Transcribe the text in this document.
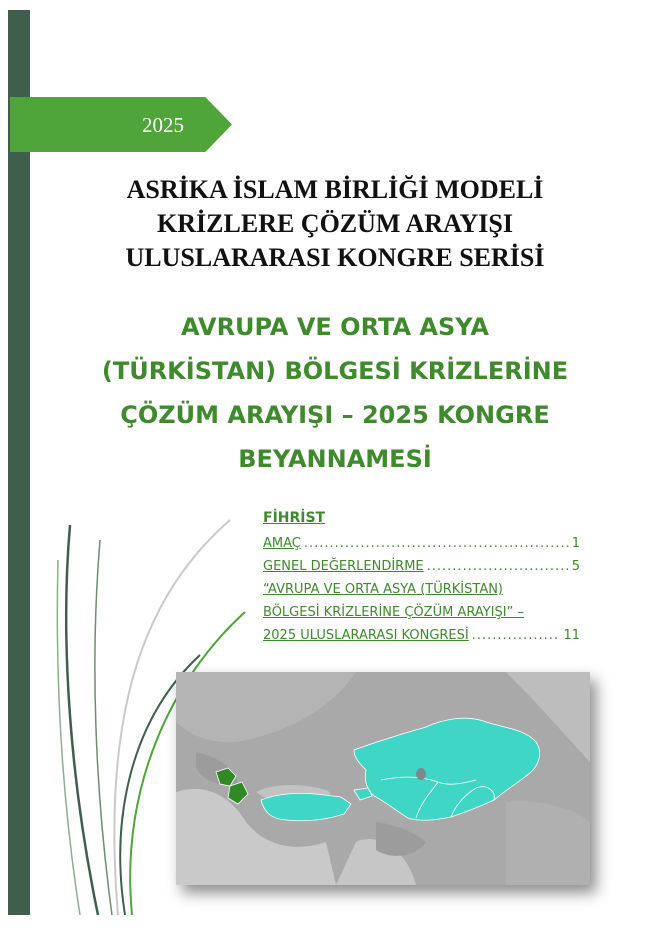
2025
ASRİKA İSLAM BİRLİĞİ MODELİ
KRİZLERE ÇÖZÜM ARAYIŞI
ULUSLARARASI KONGRE SERİSİ
AVRUPA VE ORTA ASYA
(TÜRKİSTAN) BÖLGESİ KRİZLERİNE
ÇÖZÜM ARAYIŞI – 2025 KONGRE
BEYANNAMESİ
FİHRİST
AMAÇ .....	1
GENEL DEĞERLENDİRME .....	5
“AVRUPA VE ORTA ASYA (TÜRKİSTAN)
BÖLGESİ KRİZLERİNE ÇÖZÜM ARAYIŞI” –
2025 ULUSLARARASI KONGRESİ .....	11
